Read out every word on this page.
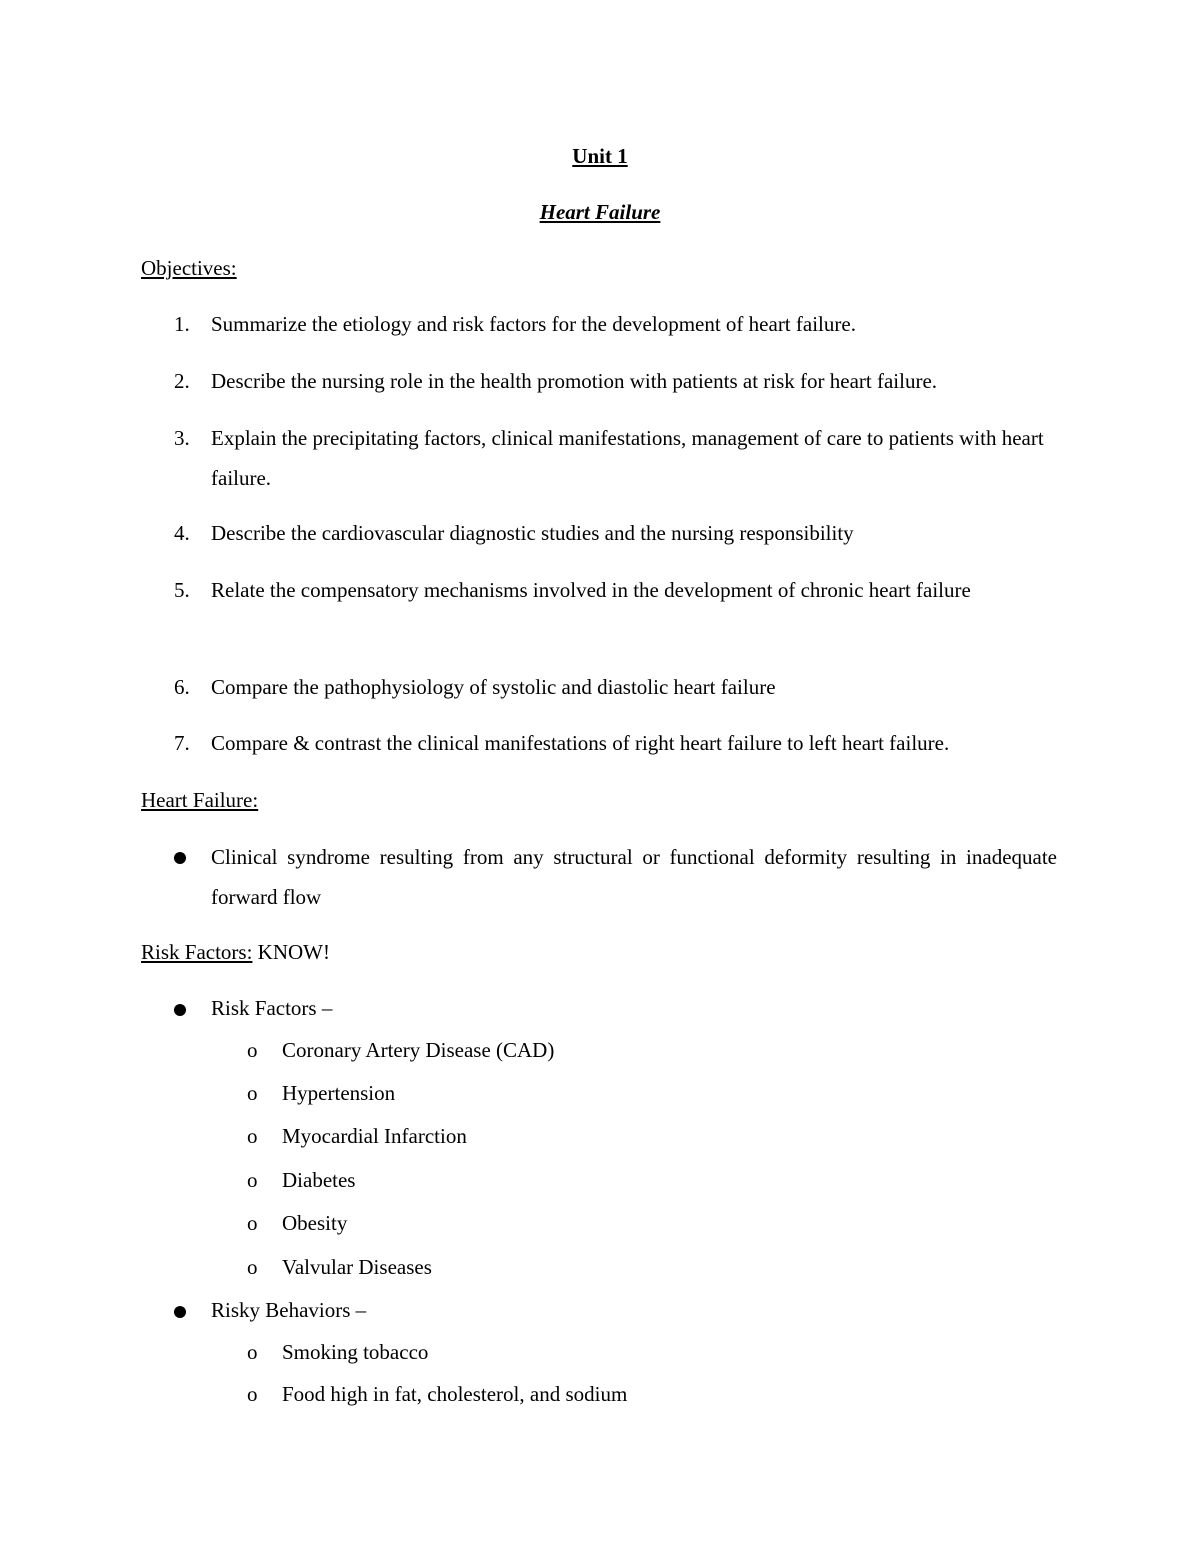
Unit 1
Heart Failure
Objectives:
1.	Summarize the etiology and risk factors for the development of heart failure.
2.	Describe the nursing role in the health promotion with patients at risk for heart failure.
3.	Explain the precipitating factors, clinical manifestations, management of care to patients with heart failure.
4.	Describe the cardiovascular diagnostic studies and the nursing responsibility
5.	Relate the compensatory mechanisms involved in the development of chronic heart failure
6.	Compare the pathophysiology of systolic and diastolic heart failure
7.	Compare & contrast the clinical manifestations of right heart failure to left heart failure.
Heart Failure:
Clinical syndrome resulting from any structural or functional deformity resulting in inadequate forward flow
Risk Factors: KNOW!
Risk Factors –
o Coronary Artery Disease (CAD)
o Hypertension
o Myocardial Infarction
o Diabetes
o Obesity
o Valvular Diseases
Risky Behaviors –
o Smoking tobacco
o Food high in fat, cholesterol, and sodium
